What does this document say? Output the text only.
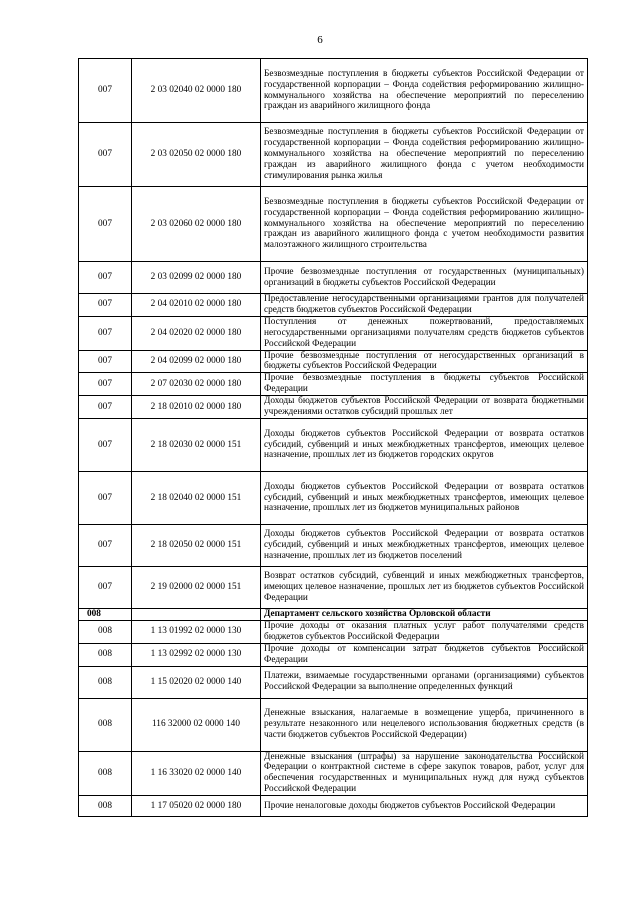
6
007	2 03 02040 02 0000 180	Безвозмездные поступления в бюджеты субъектов Российской Федерации от государственной корпорации – Фонда содействия реформированию жилищно-коммунального хозяйства на обеспечение мероприятий по переселению граждан из аварийного жилищного фонда
007	2 03 02050 02 0000 180	Безвозмездные поступления в бюджеты субъектов Российской Федерации от государственной корпорации – Фонда содействия реформированию жилищно-коммунального хозяйства на обеспечение мероприятий по переселению граждан из аварийного жилищного фонда с учетом необходимости стимулирования рынка жилья
007	2 03 02060 02 0000 180	Безвозмездные поступления в бюджеты субъектов Российской Федерации от государственной корпорации – Фонда содействия реформированию жилищно-коммунального хозяйства на обеспечение мероприятий по переселению граждан из аварийного жилищного фонда с учетом необходимости развития малоэтажного жилищного строительства
007	2 03 02099 02 0000 180	Прочие безвозмездные поступления от государственных (муниципальных) организаций в бюджеты субъектов Российской Федерации
007	2 04 02010 02 0000 180	Предоставление негосударственными организациями грантов для получателей средств бюджетов субъектов Российской Федерации
007	2 04 02020 02 0000 180	Поступления от денежных пожертвований, предоставляемых негосударственными организациями получателям средств бюджетов субъектов Российской Федерации
007	2 04 02099 02 0000 180	Прочие безвозмездные поступления от негосударственных организаций в бюджеты субъектов Российской Федерации
007	2 07 02030 02 0000 180	Прочие безвозмездные поступления в бюджеты субъектов Российской Федерации
007	2 18 02010 02 0000 180	Доходы бюджетов субъектов Российской Федерации от возврата бюджетными учреждениями остатков субсидий прошлых лет
007	2 18 02030 02 0000 151	Доходы бюджетов субъектов Российской Федерации от возврата остатков субсидий, субвенций и иных межбюджетных трансфертов, имеющих целевое назначение, прошлых лет из бюджетов городских округов
007	2 18 02040 02 0000 151	Доходы бюджетов субъектов Российской Федерации от возврата остатков субсидий, субвенций и иных межбюджетных трансфертов, имеющих целевое назначение, прошлых лет из бюджетов муниципальных районов
007	2 18 02050 02 0000 151	Доходы бюджетов субъектов Российской Федерации от возврата остатков субсидий, субвенций и иных межбюджетных трансфертов, имеющих целевое назначение, прошлых лет из бюджетов поселений
007	2 19 02000 02 0000 151	Возврат остатков субсидий, субвенций и иных межбюджетных трансфертов, имеющих целевое назначение, прошлых лет из бюджетов субъектов Российской Федерации
008		Департамент сельского хозяйства Орловской области
008	1 13 01992 02 0000 130	Прочие доходы от оказания платных услуг работ получателями средств бюджетов субъектов Российской Федерации
008	1 13 02992 02 0000 130	Прочие доходы от компенсации затрат бюджетов субъектов Российской Федерации
008	1 15 02020 02 0000 140	Платежи, взимаемые государственными органами (организациями) субъектов Российской Федерации за выполнение определенных функций
008	116 32000 02 0000 140	Денежные взыскания, налагаемые в возмещение ущерба, причиненного в результате незаконного или нецелевого использования бюджетных средств (в части бюджетов субъектов Российской Федерации)
008	1 16 33020 02 0000 140	Денежные взыскания (штрафы) за нарушение законодательства Российской Федерации о контрактной системе в сфере закупок товаров, работ, услуг для обеспечения государственных и муниципальных нужд для нужд субъектов Российской Федерации
008	1 17 05020 02 0000 180	Прочие неналоговые доходы бюджетов субъектов Российской Федерации
